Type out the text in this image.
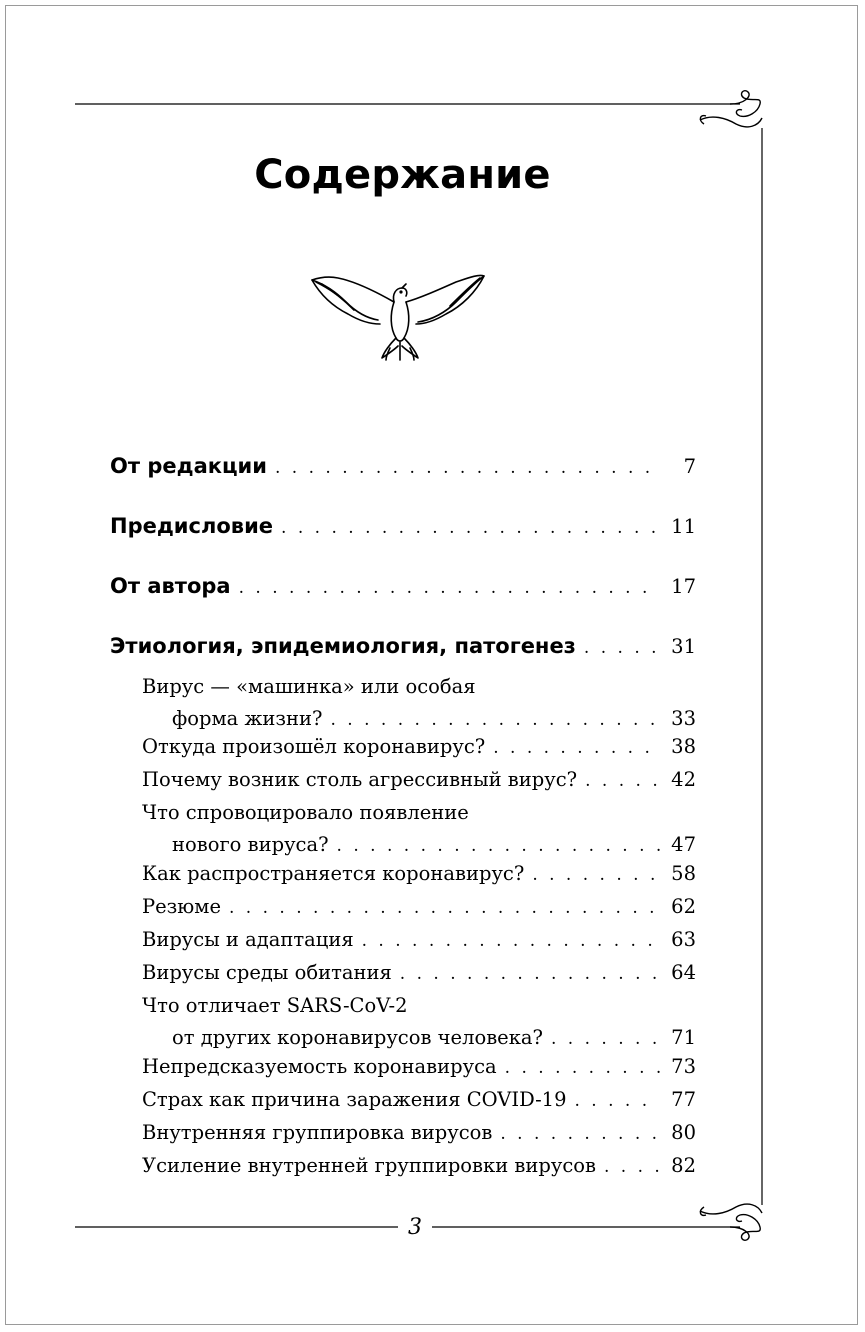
Содержание
От редакции . . .	7
Предисловие . . .	11
От автора . . .	17
Этиология, эпидемиология, патогенез . . .	31
Вирус — «машинка» или особая
форма жизни? . . .	33
Откуда произошёл коронавирус? . . .	38
Почему возник столь агрессивный вирус? . . .	42
Что спровоцировало появление
нового вируса? . . .	47
Как распространяется коронавирус? . . .	58
Резюме . . .	62
Вирусы и адаптация . . .	63
Вирусы среды обитания . . .	64
Что отличает SARS-CoV-2
от других коронавирусов человека? . . .	71
Непредсказуемость коронавируса . . .	73
Страх как причина заражения COVID-19 . . .	77
Внутренняя группировка вирусов . . .	80
Усиление внутренней группировки вирусов . . .	82
3
